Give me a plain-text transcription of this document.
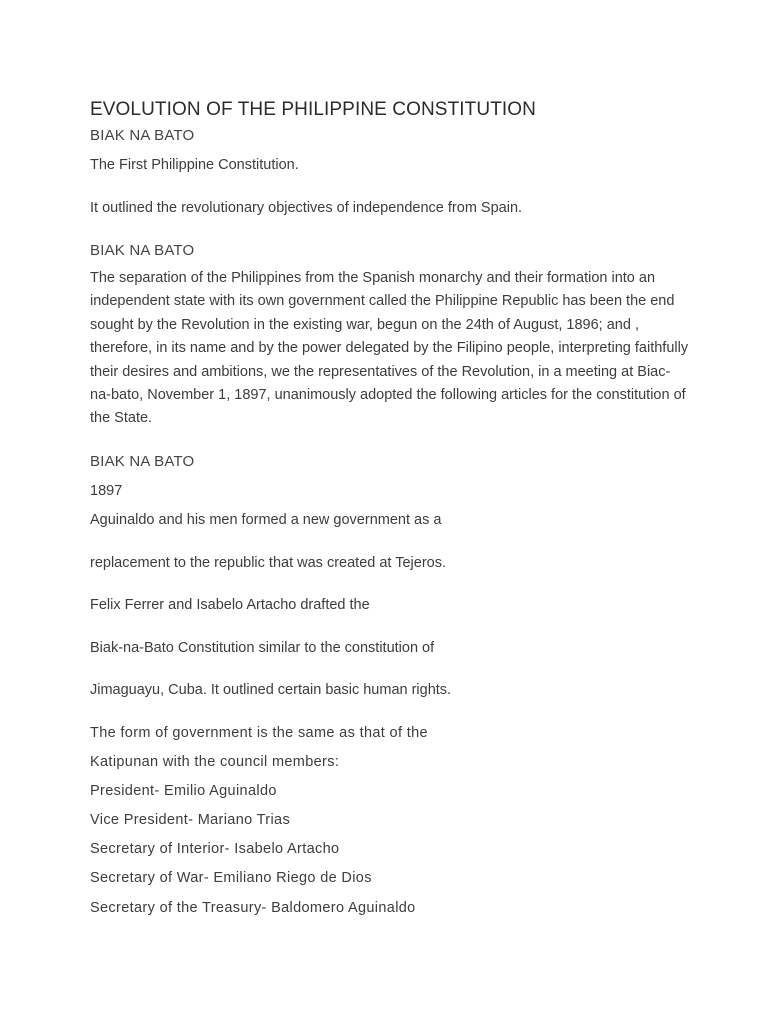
EVOLUTION OF THE PHILIPPINE CONSTITUTION
BIAK NA BATO

The First Philippine Constitution.

It outlined the revolutionary objectives of independence from Spain.

BIAK NA BATO

The separation of the Philippines from the Spanish monarchy and their formation into an independent state with its own government called the Philippine Republic has been the end sought by the Revolution in the existing war, begun on the 24th of August, 1896; and , therefore, in its name and by the power delegated by the Filipino people, interpreting faithfully their desires and ambitions, we the representatives of the Revolution, in a meeting at Biac-na-bato, November 1, 1897, unanimously adopted the following articles for the constitution of the State.

BIAK NA BATO

1897

Aguinaldo and his men formed a new government as a

replacement to the republic that was created at Tejeros.

Felix Ferrer and Isabelo Artacho drafted the

Biak-na-Bato Constitution similar to the constitution of

Jimaguayu, Cuba. It outlined certain basic human rights.

The form of government is the same as that of the

Katipunan with the council members:

President- Emilio Aguinaldo

Vice President- Mariano Trias

Secretary of Interior- Isabelo Artacho

Secretary of War- Emiliano Riego de Dios

Secretary of the Treasury- Baldomero Aguinaldo
